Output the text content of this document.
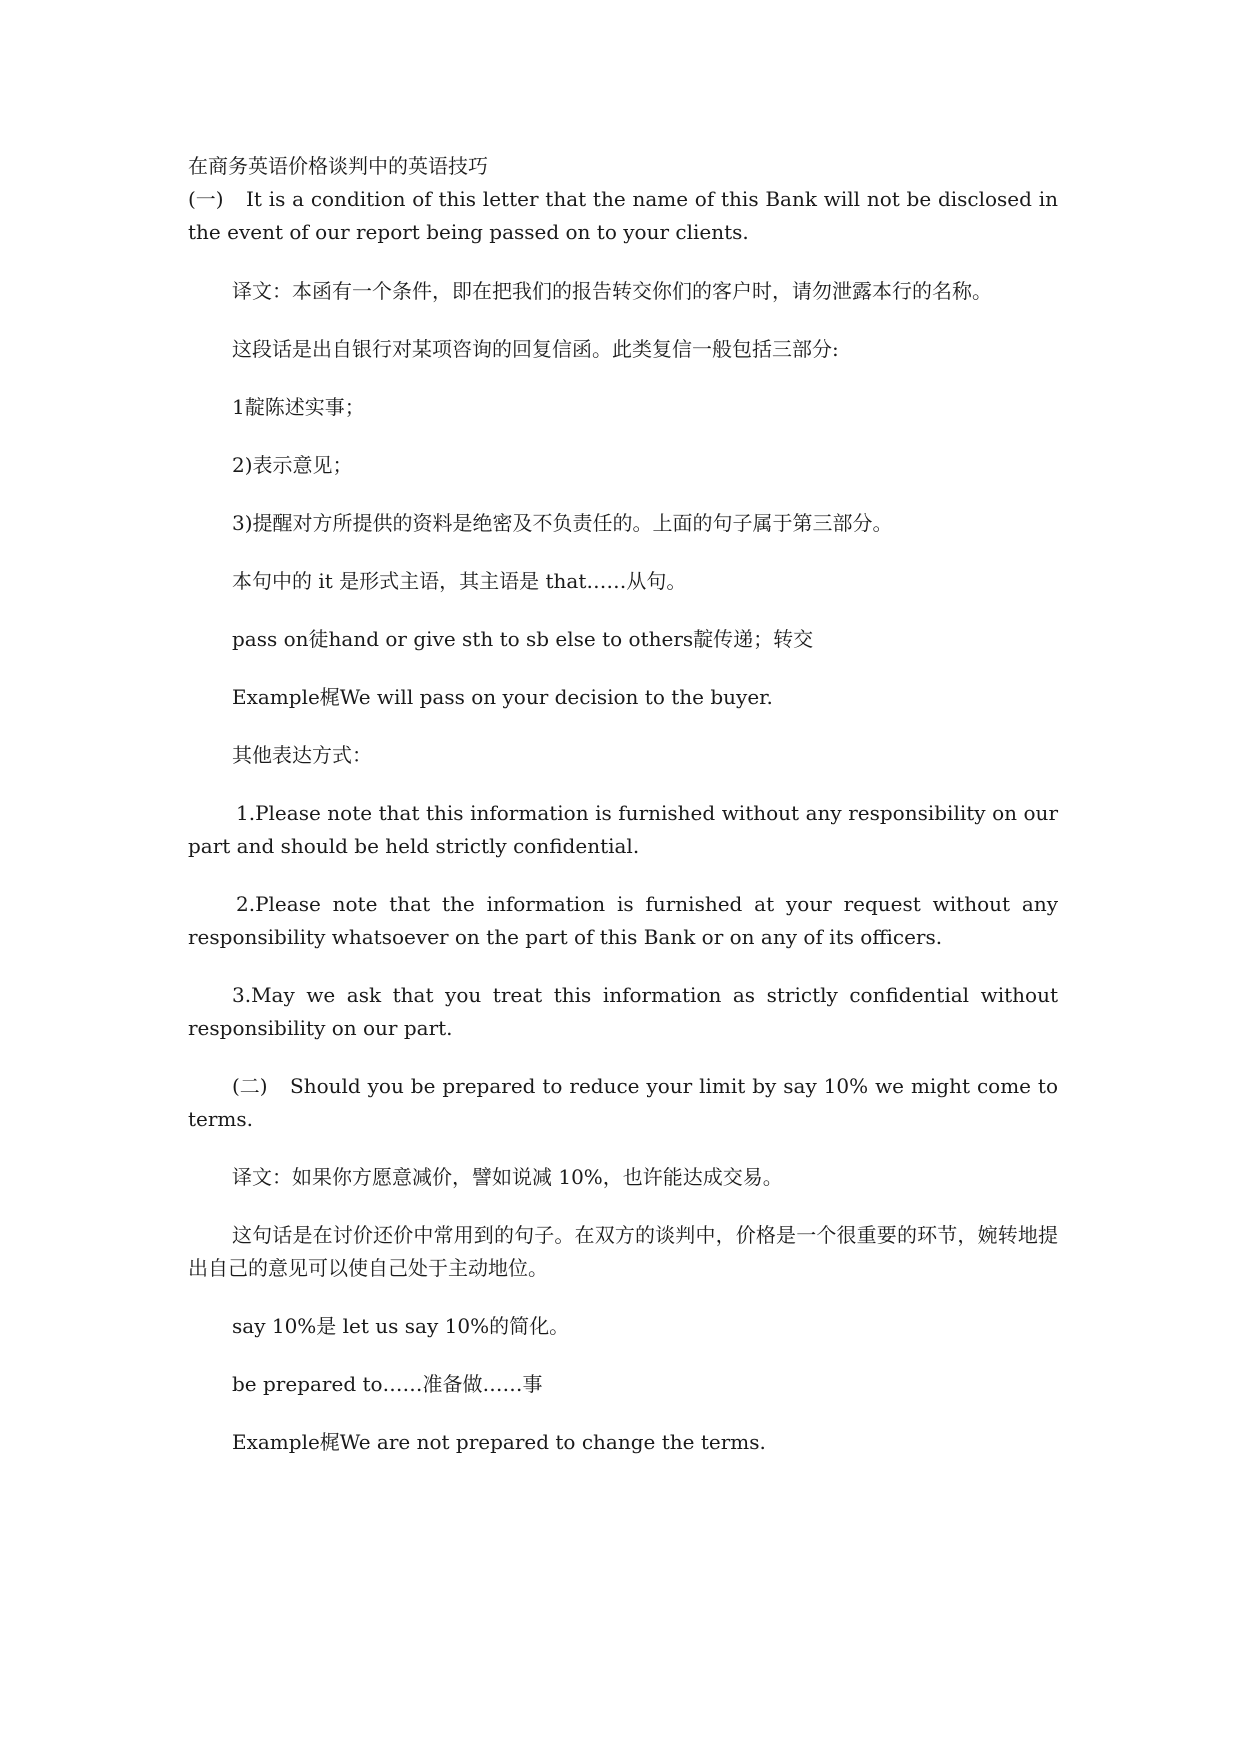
在商务英语价格谈判中的英语技巧

(一) It is a condition of this letter that the name of this Bank will not be disclosed in the event of our report being passed on to your clients.

译文：本函有一个条件，即在把我们的报告转交你们的客户时，请勿泄露本行的名称。

这段话是出自银行对某项咨询的回复信函。此类复信一般包括三部分:

1靛陈述实事；

2)表示意见；

3)提醒对方所提供的资料是绝密及不负责任的。上面的句子属于第三部分。

本句中的 it 是形式主语，其主语是 that……从句。

pass on徒hand or give sth to sb else to others靛传递；转交

Example梶We will pass on your decision to the buyer.

其他表达方式：

1.Please note that this information is furnished without any responsibility on our part and should be held strictly confidential.

2.Please note that the information is furnished at your request without any responsibility whatsoever on the part of this Bank or on any of its officers.

3.May we ask that you treat this information as strictly confidential without responsibility on our part.

(二) Should you be prepared to reduce your limit by say 10% we might come to terms.

译文：如果你方愿意减价，譬如说减 10%，也许能达成交易。

这句话是在讨价还价中常用到的句子。在双方的谈判中，价格是一个很重要的环节，婉转地提出自己的意见可以使自己处于主动地位。

say 10%是 let us say 10%的简化。

be prepared to……准备做……事

Example梶We are not prepared to change the terms.
